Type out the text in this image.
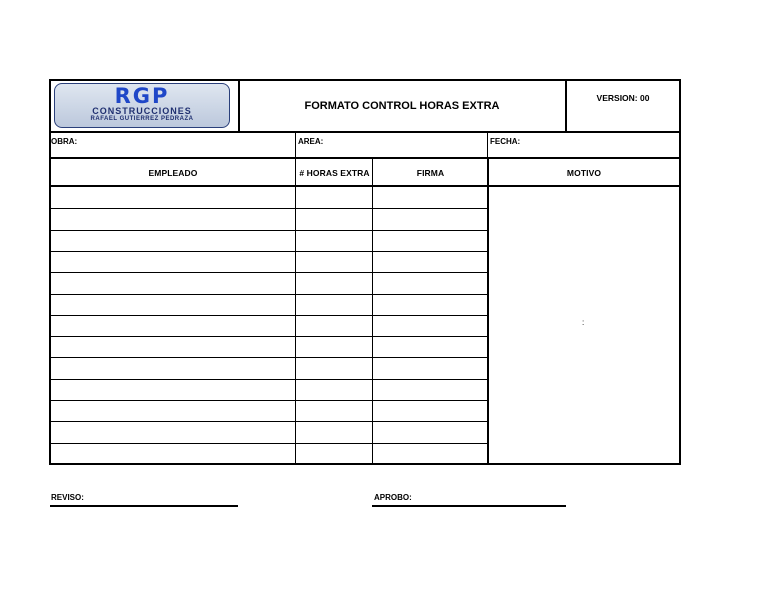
RGP
CONSTRUCCIONES
RAFAEL GUTIERREZ PEDRAZA
FORMATO CONTROL HORAS EXTRA
VERSION: 00
OBRA:	AREA:	FECHA:
EMPLEADO	# HORAS EXTRA	FIRMA	MOTIVO
:
REVISO:	APROBO:
